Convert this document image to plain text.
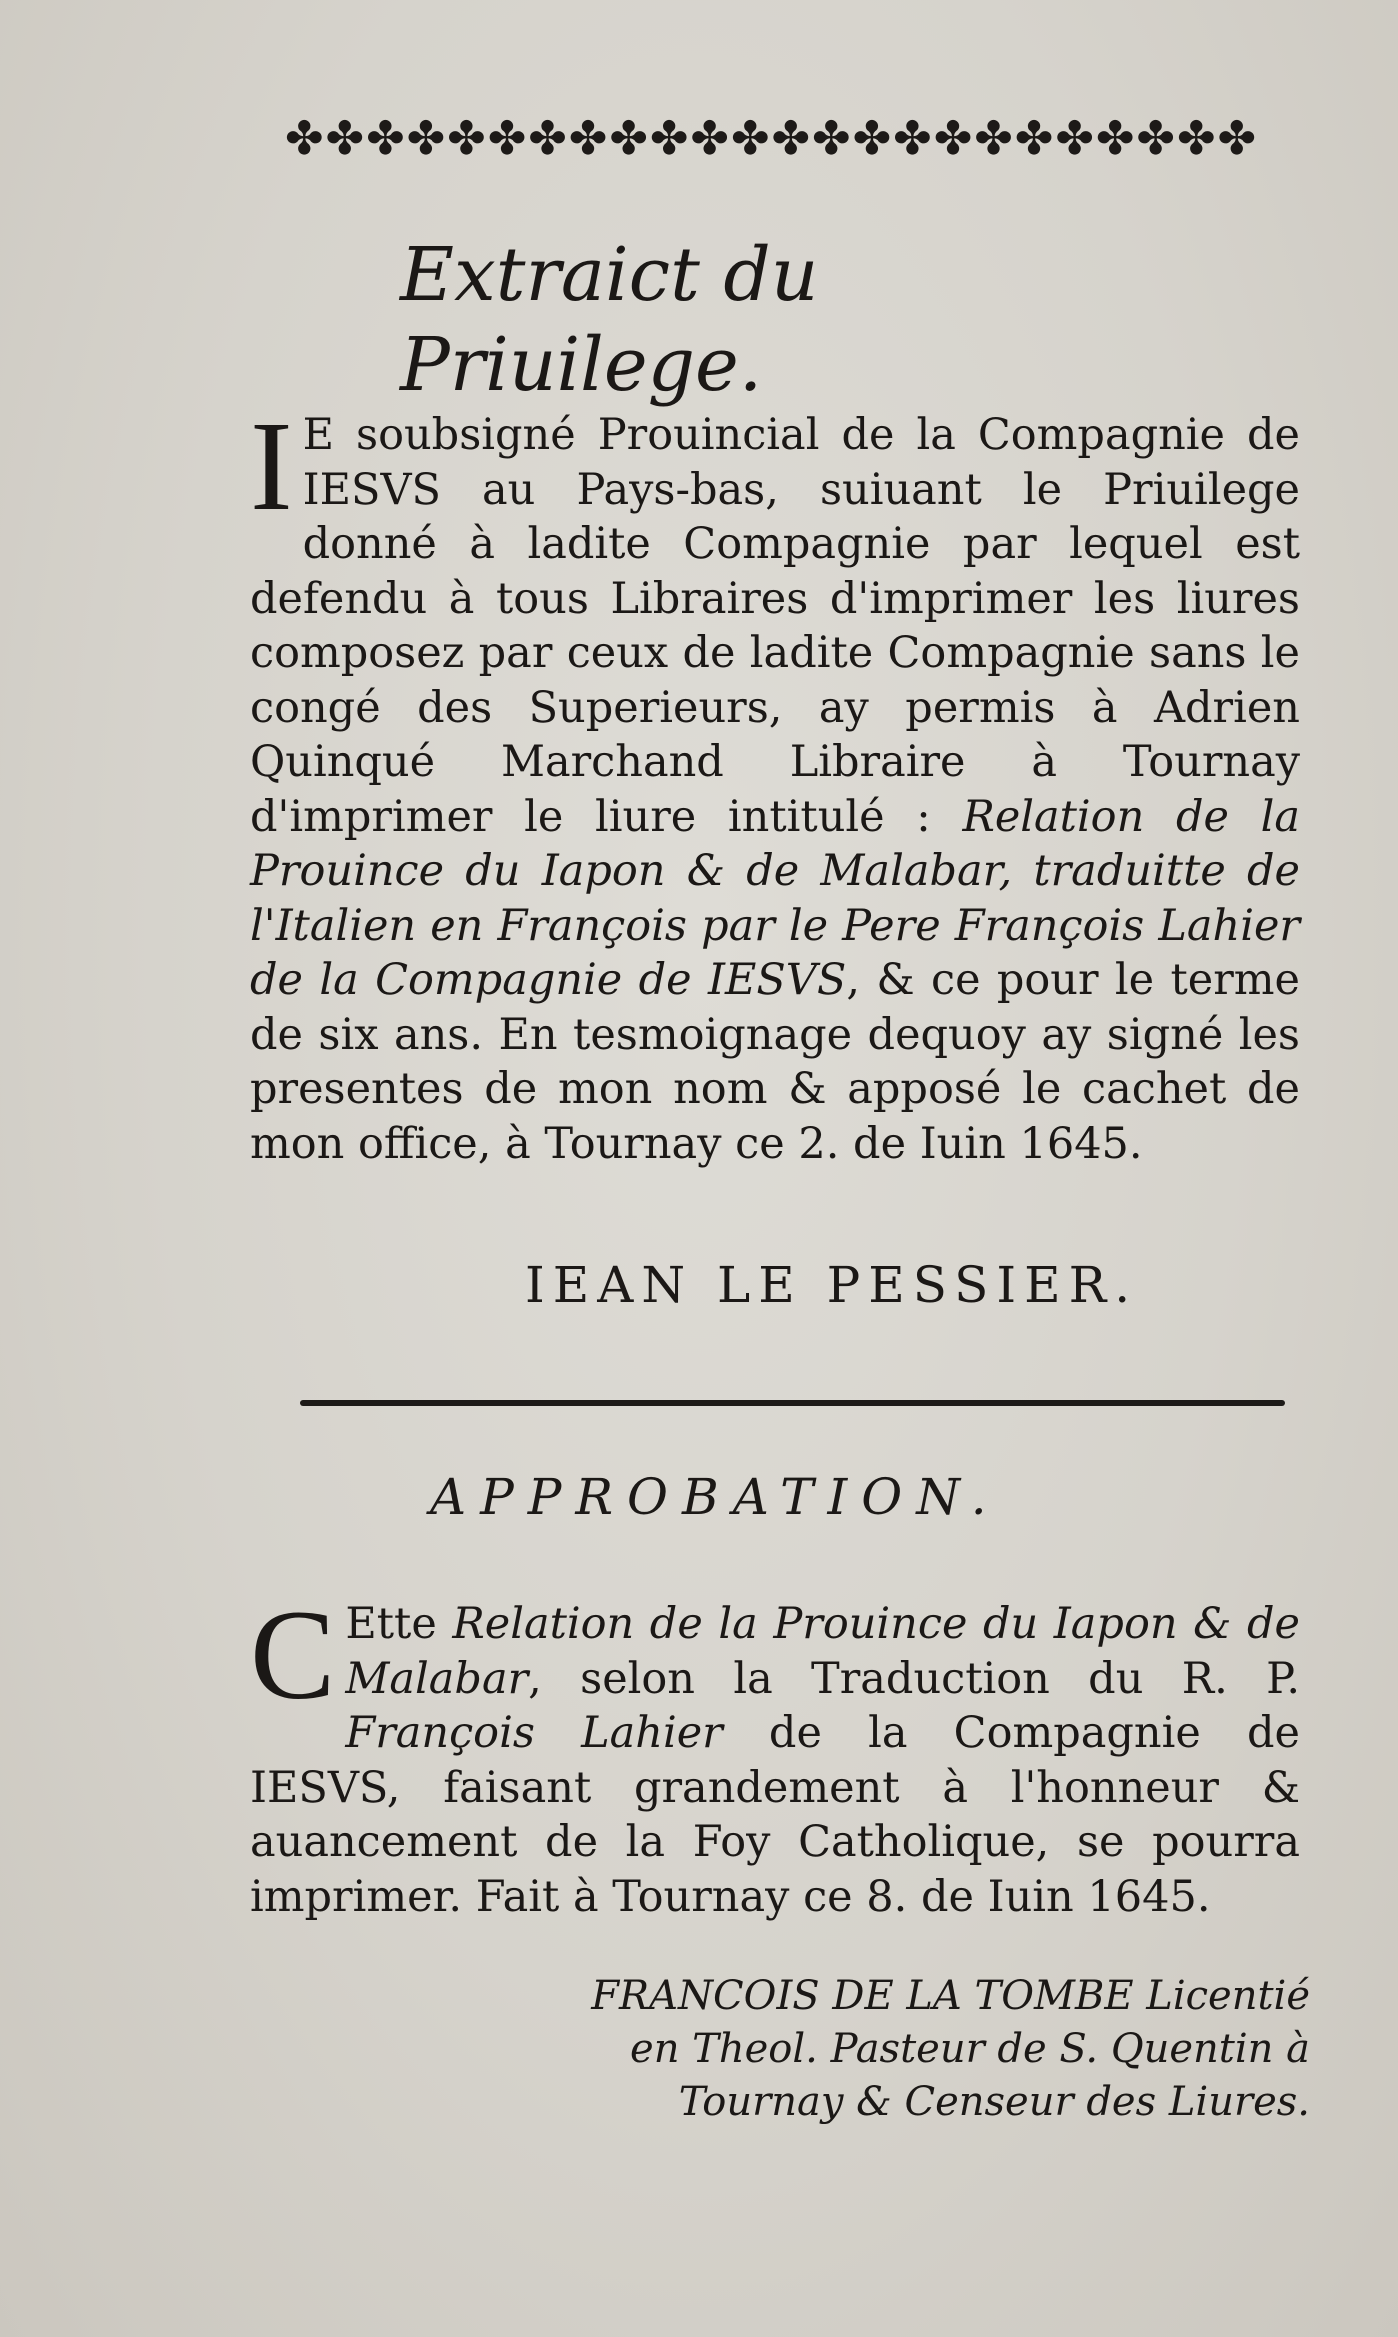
✤✤✤✤✤✤✤✤✤✤✤✤✤✤✤✤✤✤✤✤✤✤✤✤
Extraict du Priuilege.
I E soubsigné Prouincial de la Compagnie de IESVS au Pays-bas, suiuant le Priuilege donné à ladite Compagnie par lequel est defendu à tous Libraires d'imprimer les liures composez par ceux de ladite Compagnie sans le congé des Superieurs, ay permis à Adrien Quinqué Marchand Libraire à Tournay d'imprimer le liure intitulé : Relation de la Prouince du Iapon & de Malabar, traduitte de l'Italien en François par le Pere François Lahier de la Compagnie de IESVS, & ce pour le terme de six ans. En tesmoignage dequoy ay signé les presentes de mon nom & apposé le cachet de mon office, à Tournay ce 2. de Iuin 1645.
IEAN LE PESSIER.
APPROBATION.
C Ette Relation de la Prouince du Iapon & de Malabar, selon la Traduction du R. P. François Lahier de la Compagnie de IESVS, faisant grandement à l'honneur & auancement de la Foy Catholique, se pourra imprimer. Fait à Tournay ce 8. de Iuin 1645.
FRANCOIS DE LA TOMBE Licentié
en Theol. Pasteur de S. Quentin à
Tournay & Censeur des Liures.
